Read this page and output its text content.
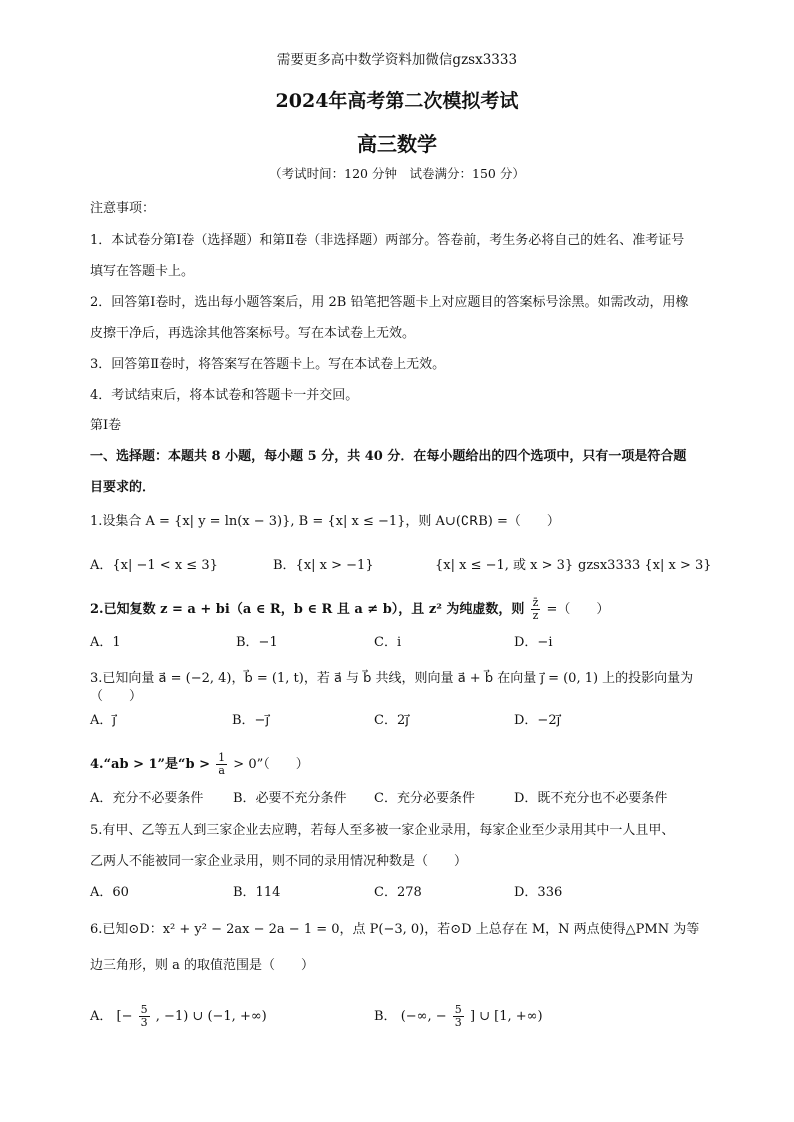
需要更多高中数学资料加微信gzsx3333
2024年高考第二次模拟考试
高三数学
（考试时间：120 分钟　试卷满分：150 分）
注意事项：
1．本试卷分第Ⅰ卷（选择题）和第Ⅱ卷（非选择题）两部分。答卷前，考生务必将自己的姓名、准考证号
填写在答题卡上。
2．回答第Ⅰ卷时，选出每小题答案后，用 2B 铅笔把答题卡上对应题目的答案标号涂黑。如需改动，用橡
皮擦干净后，再选涂其他答案标号。写在本试卷上无效。
3．回答第Ⅱ卷时，将答案写在答题卡上。写在本试卷上无效。
4．考试结束后，将本试卷和答题卡一并交回。
第Ⅰ卷
一、选择题：本题共 8 小题，每小题 5 分，共 40 分．在每小题给出的四个选项中，只有一项是符合题
目要求的．
1.设集合 A = {x| y = ln(x − 3)}, B = {x| x ≤ −1}，则 A∪(∁ꓣB) =（　　）
A．{x| −1 < x ≤ 3}	B．{x| x > −1}	{x| x ≤ −1, 或 x > 3} gzsx3333 {x| x > 3}
2.已知复数 z = a + bi（a ∈ R，b ∈ R 且 a ≠ b），且 z² 为纯虚数，则 $\frac{z̄}{z}$ =（　　）
A．1	B．−1	C．i	D．−i
3.已知向量 a⃗ = (−2, 4)，b⃗ = (1, t)，若 a⃗ 与 b⃗ 共线，则向量 a⃗ + b⃗ 在向量 j⃗ = (0, 1) 上的投影向量为（　　）
A．j⃗	B．−j⃗	C．2j⃗	D．−2j⃗
4.“ab > 1”是“$b > \frac{1}{a}$ > 0”（　　）
A．充分不必要条件 B．必要不充分条件 C．充分必要条件	D．既不充分也不必要条件
5.有甲、乙等五人到三家企业去应聘，若每人至多被一家企业录用，每家企业至少录用其中一人且甲、
乙两人不能被同一家企业录用，则不同的录用情况种数是（　　）
A．60	B．114	C．278	D．336
6.已知⊙D：x² + y² − 2ax − 2a − 1 = 0，点 P(−3, 0)，若⊙D 上总存在 M，N 两点使得△PMN 为等
边三角形，则 a 的取值范围是（　　）
A． [− $\frac{5}{3}$ , −1) ∪ (−1, +∞)	B． (−∞, − $\frac{5}{3}$ ] ∪ [1, +∞)
